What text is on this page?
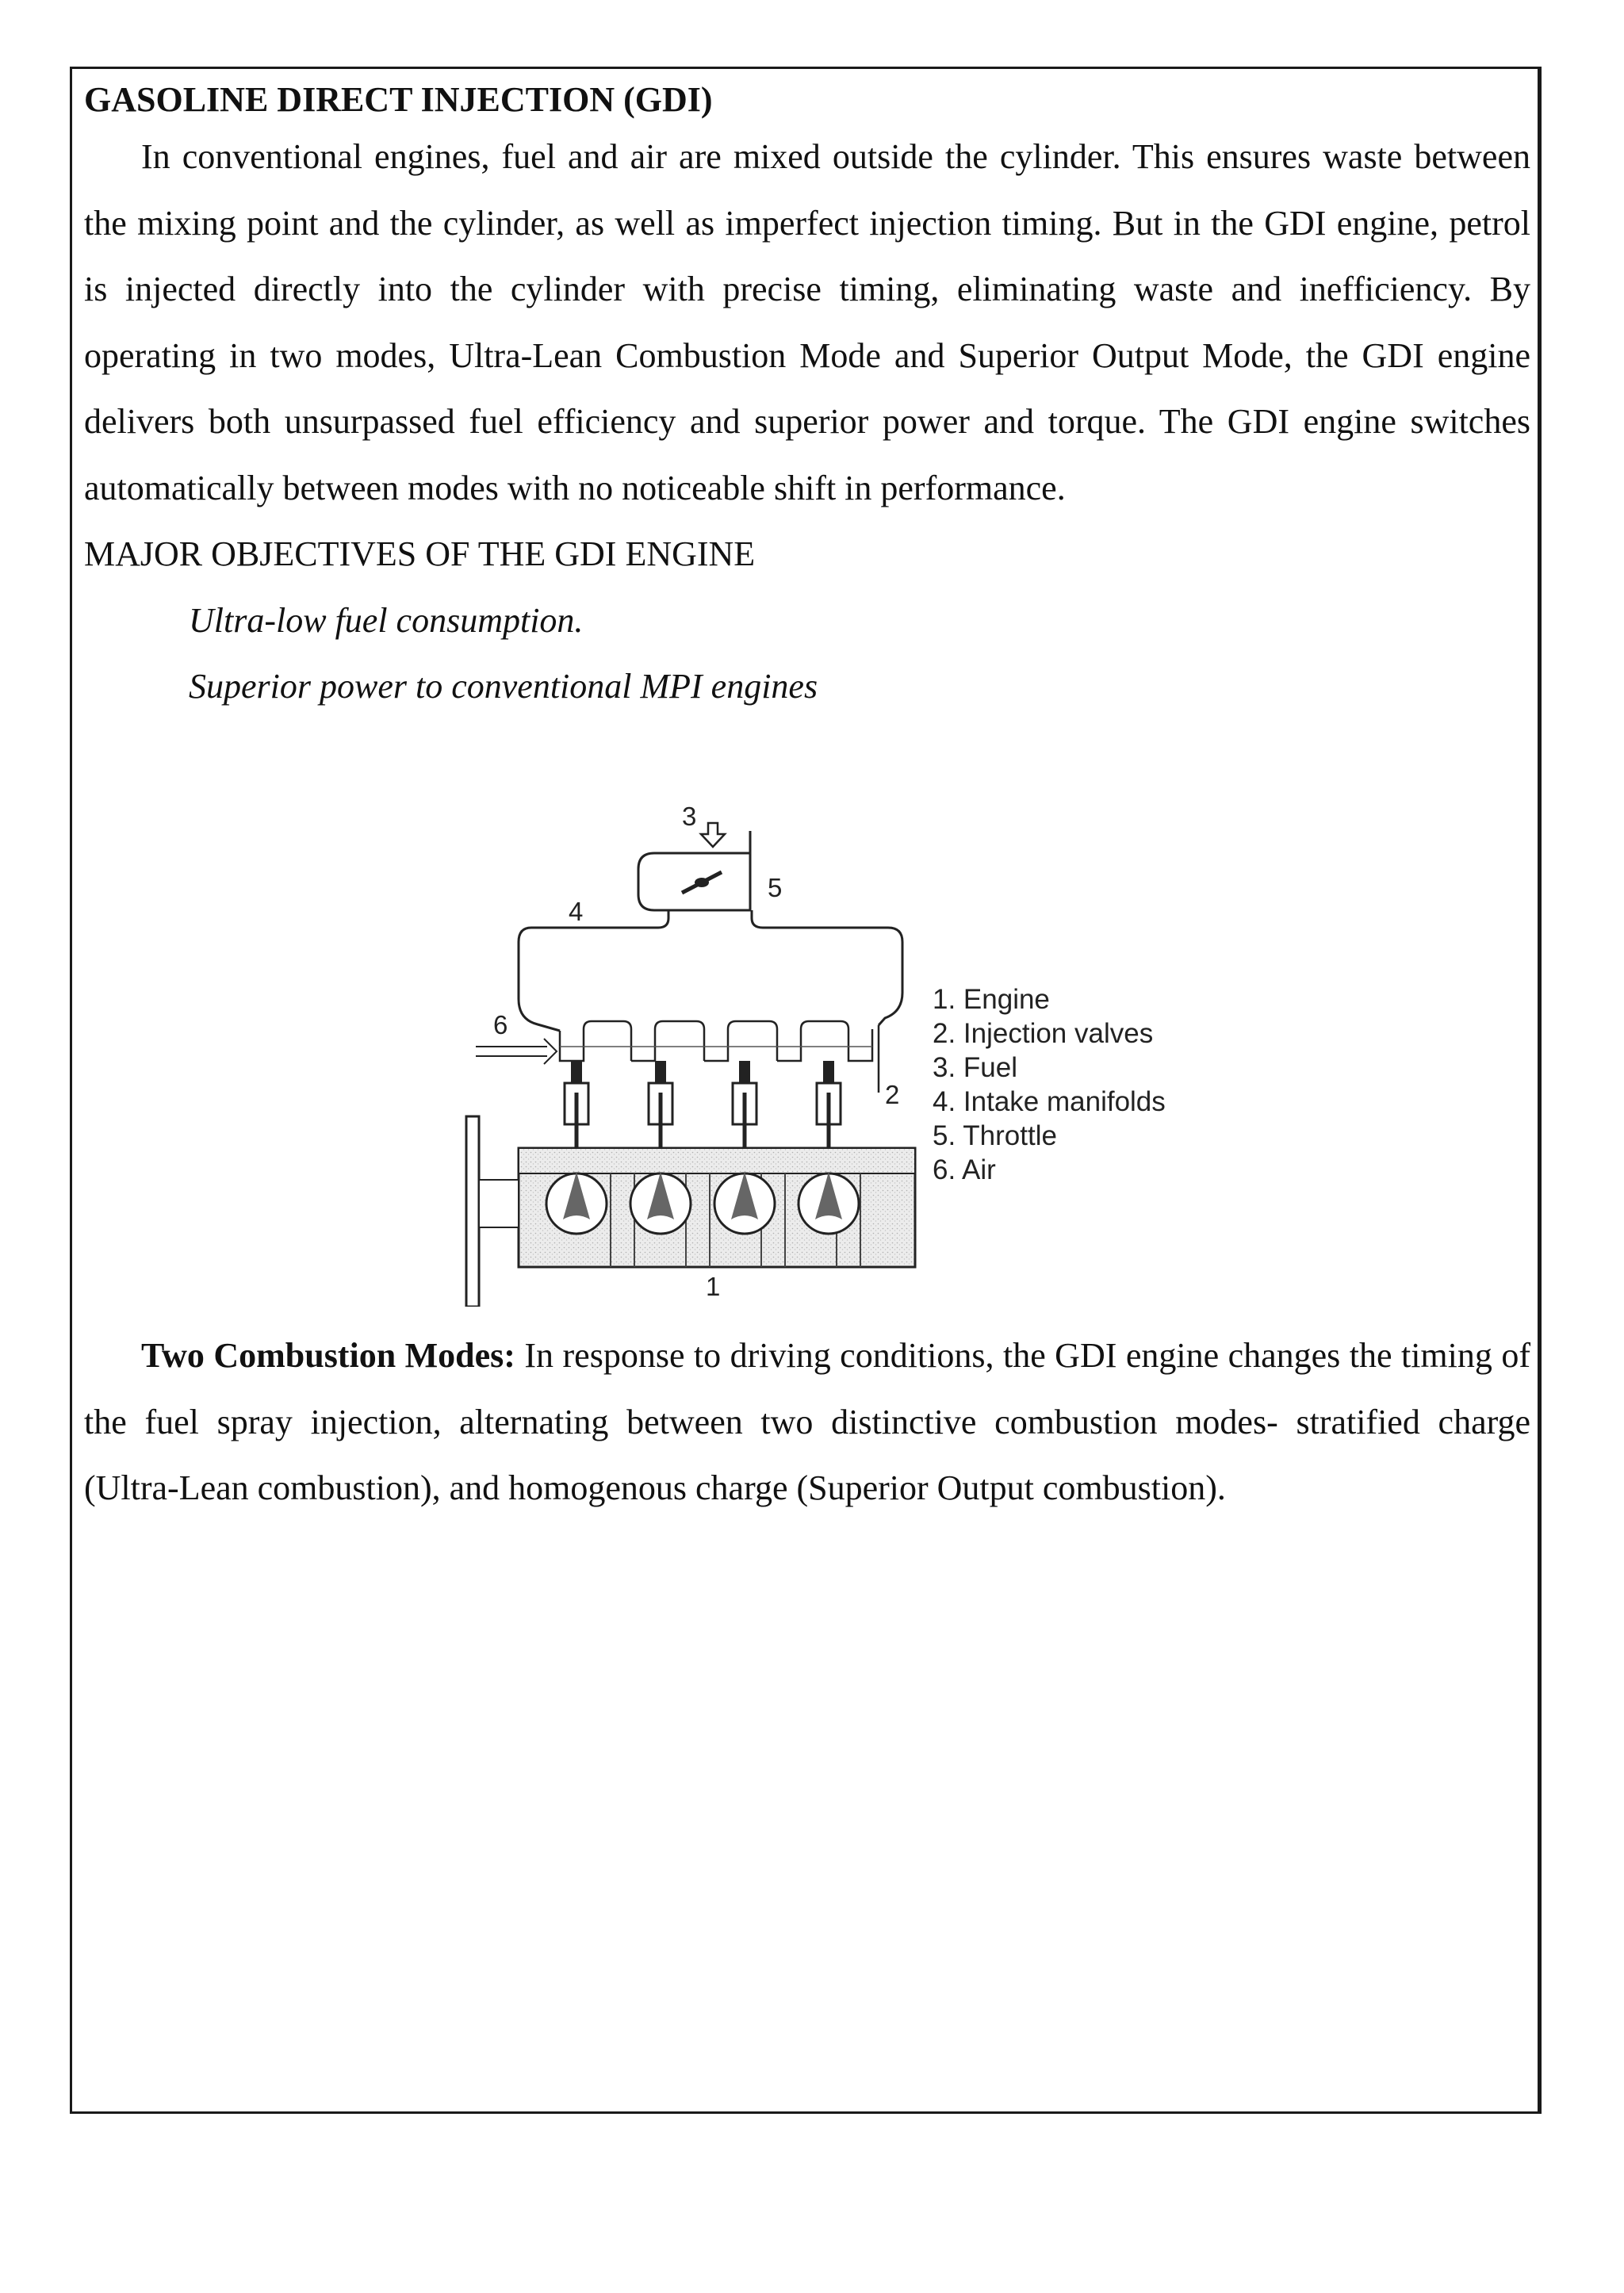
GASOLINE DIRECT INJECTION (GDI)

In conventional engines, fuel and air are mixed outside the cylinder. This ensures waste between the mixing point and the cylinder, as well as imperfect injection timing. But in the GDI engine, petrol is injected directly into the cylinder with precise timing, eliminating waste and inefficiency. By operating in two modes, Ultra-Lean Combustion Mode and Superior Output Mode, the GDI engine delivers both unsurpassed fuel efficiency and superior power and torque. The GDI engine switches automatically between modes with no noticeable shift in performance.

MAJOR OBJECTIVES OF THE GDI ENGINE

Ultra-low fuel consumption.

Superior power to conventional MPI engines

3
5
4
6
2
1
1. Engine
2. Injection valves
3. Fuel
4. Intake manifolds
5. Throttle
6. Air

Two Combustion Modes: In response to driving conditions, the GDI engine changes the timing of the fuel spray injection, alternating between two distinctive combustion modes- stratified charge (Ultra-Lean combustion), and homogenous charge (Superior Output combustion).
